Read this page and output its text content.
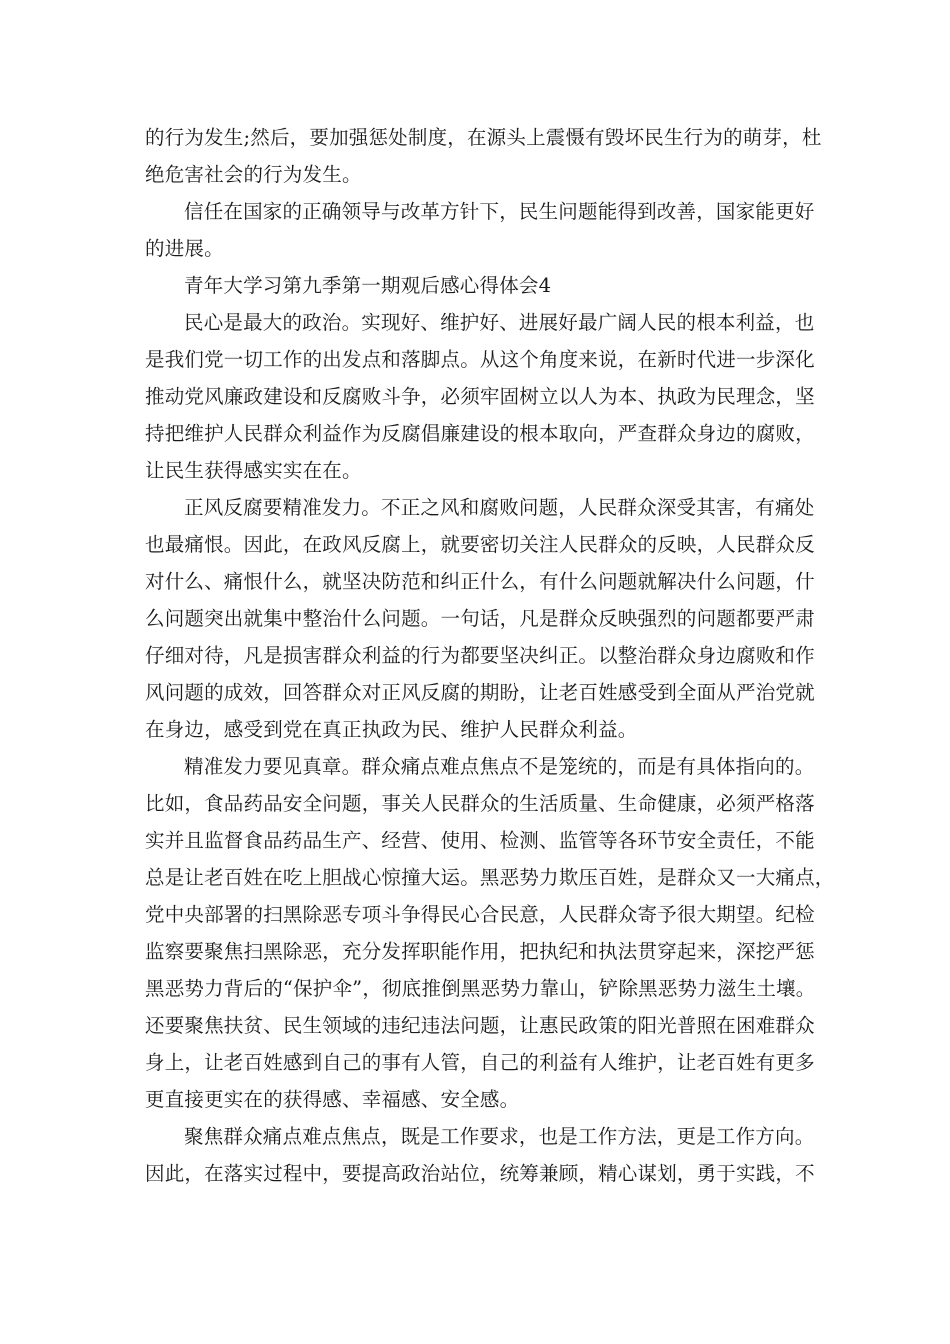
的行为发生;然后，要加强惩处制度，在源头上震慑有毁坏民生行为的萌芽，杜
绝危害社会的行为发生。

信任在国家的正确领导与改革方针下，民生问题能得到改善，国家能更好
的进展。

青年大学习第九季第一期观后感心得体会4

民心是最大的政治。实现好、维护好、进展好最广阔人民的根本利益，也
是我们党一切工作的出发点和落脚点。从这个角度来说，在新时代进一步深化
推动党风廉政建设和反腐败斗争，必须牢固树立以人为本、执政为民理念，坚
持把维护人民群众利益作为反腐倡廉建设的根本取向，严查群众身边的腐败，
让民生获得感实实在在。

正风反腐要精准发力。不正之风和腐败问题，人民群众深受其害，有痛处
也最痛恨。因此，在政风反腐上，就要密切关注人民群众的反映，人民群众反
对什么、痛恨什么，就坚决防范和纠正什么，有什么问题就解决什么问题，什
么问题突出就集中整治什么问题。一句话，凡是群众反映强烈的问题都要严肃
仔细对待，凡是损害群众利益的行为都要坚决纠正。以整治群众身边腐败和作
风问题的成效，回答群众对正风反腐的期盼，让老百姓感受到全面从严治党就
在身边，感受到党在真正执政为民、维护人民群众利益。

精准发力要见真章。群众痛点难点焦点不是笼统的，而是有具体指向的。
比如，食品药品安全问题，事关人民群众的生活质量、生命健康，必须严格落
实并且监督食品药品生产、经营、使用、检测、监管等各环节安全责任，不能
总是让老百姓在吃上胆战心惊撞大运。黑恶势力欺压百姓，是群众又一大痛点，
党中央部署的扫黑除恶专项斗争得民心合民意，人民群众寄予很大期望。纪检
监察要聚焦扫黑除恶，充分发挥职能作用，把执纪和执法贯穿起来，深挖严惩
黑恶势力背后的“保护伞”，彻底推倒黑恶势力靠山，铲除黑恶势力滋生土壤。
还要聚焦扶贫、民生领域的违纪违法问题，让惠民政策的阳光普照在困难群众
身上，让老百姓感到自己的事有人管，自己的利益有人维护，让老百姓有更多
更直接更实在的获得感、幸福感、安全感。

聚焦群众痛点难点焦点，既是工作要求，也是工作方法，更是工作方向。
因此，在落实过程中，要提高政治站位，统筹兼顾，精心谋划，勇于实践，不
